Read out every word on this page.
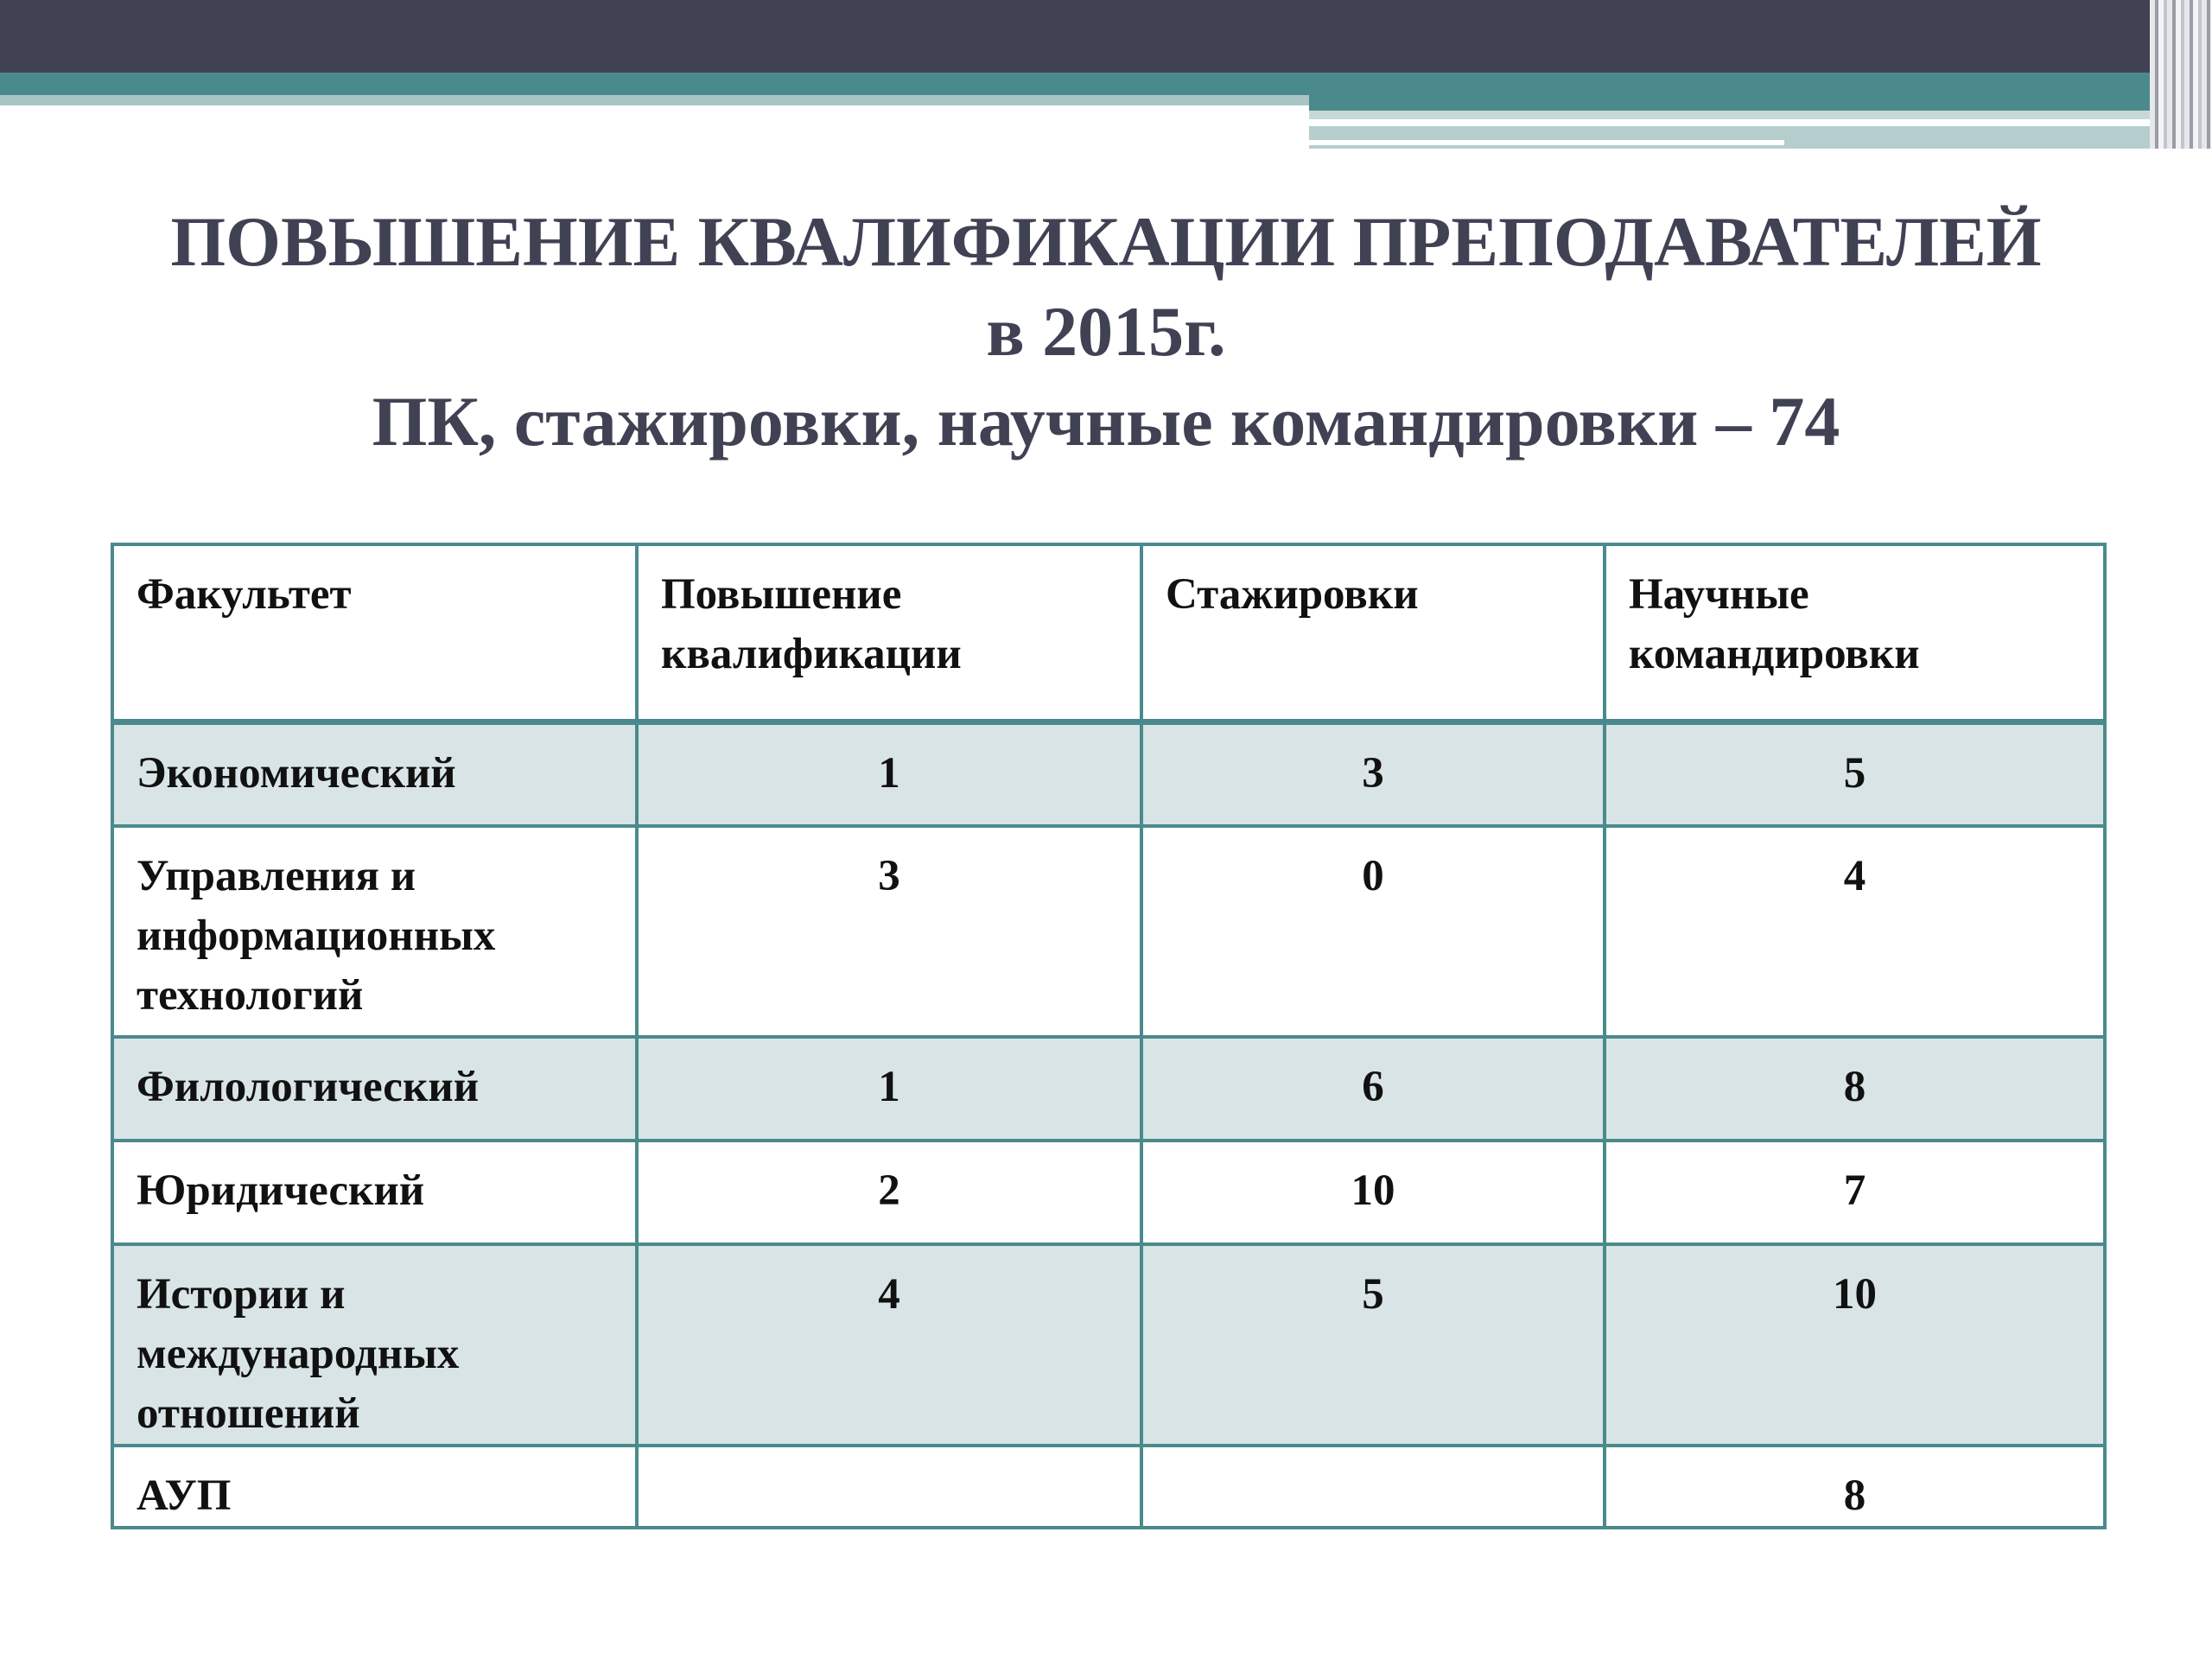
ПОВЫШЕНИЕ КВАЛИФИКАЦИИ ПРЕПОДАВАТЕЛЕЙ
в 2015г.
ПК, стажировки, научные командировки – 74
Факультет	Повышение квалификации	Стажировки	Научные командировки
Экономический	1	3	5
Управления и информационных технологий	3	0	4
Филологический	1	6	8
Юридический	2	10	7
Истории и международных отношений	4	5	10
АУП			8
